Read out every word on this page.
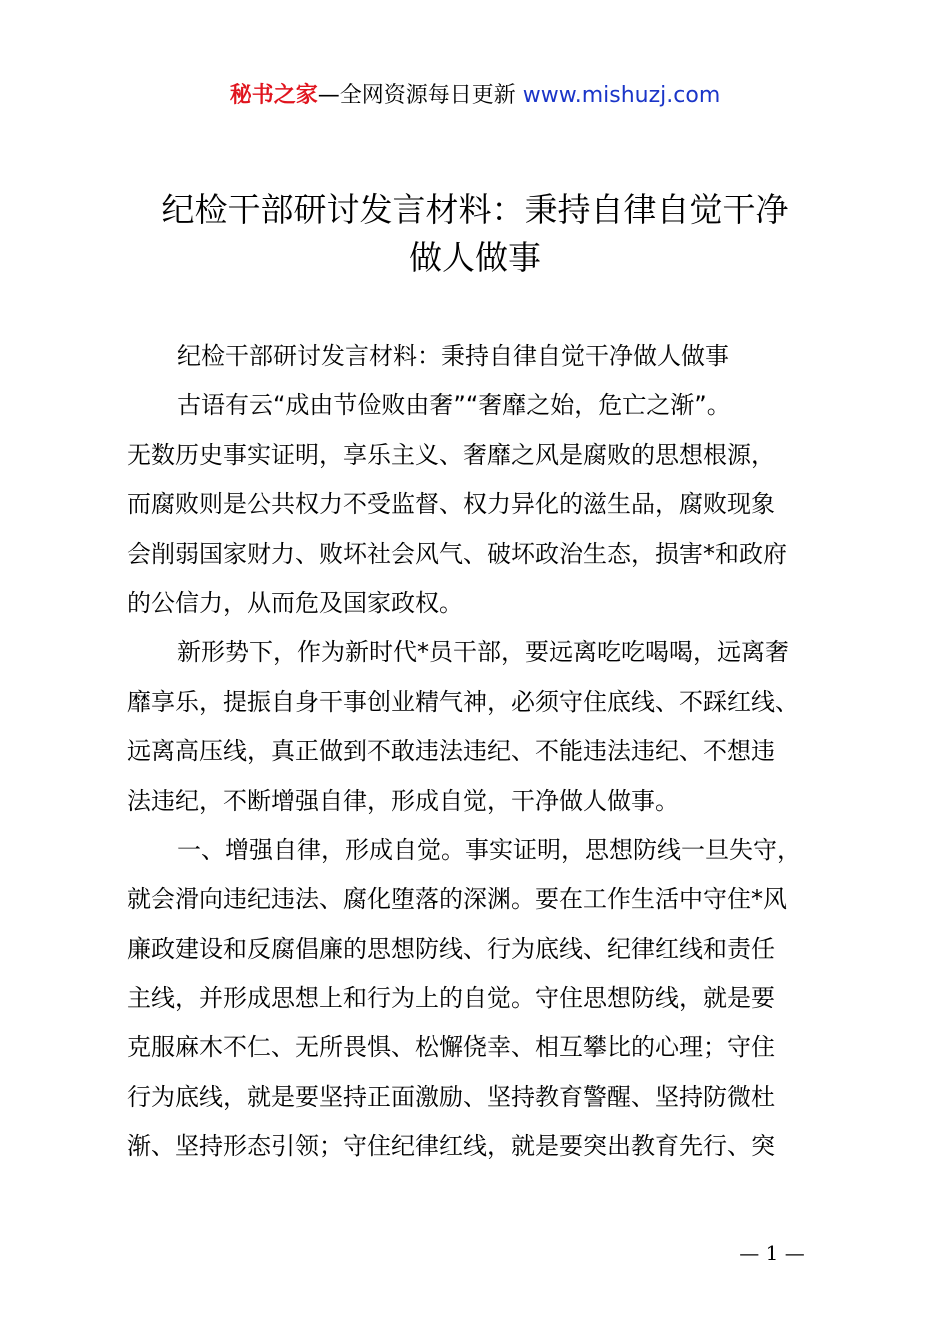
秘书之家—全网资源每日更新 www.mishuzj.com
纪检干部研讨发言材料：秉持自律自觉干净
做人做事
纪检干部研讨发言材料：秉持自律自觉干净做人做事
古语有云“成由节俭败由奢”“奢靡之始，危亡之渐”。
无数历史事实证明，享乐主义、奢靡之风是腐败的思想根源，
而腐败则是公共权力不受监督、权力异化的滋生品，腐败现象
会削弱国家财力、败坏社会风气、破坏政治生态，损害*和政府
的公信力，从而危及国家政权。
新形势下，作为新时代*员干部，要远离吃吃喝喝，远离奢
靡享乐，提振自身干事创业精气神，必须守住底线、不踩红线、
远离高压线，真正做到不敢违法违纪、不能违法违纪、不想违
法违纪，不断增强自律，形成自觉，干净做人做事。
一、增强自律，形成自觉。事实证明，思想防线一旦失守，
就会滑向违纪违法、腐化堕落的深渊。要在工作生活中守住*风
廉政建设和反腐倡廉的思想防线、行为底线、纪律红线和责任
主线，并形成思想上和行为上的自觉。守住思想防线，就是要
克服麻木不仁、无所畏惧、松懈侥幸、相互攀比的心理；守住
行为底线，就是要坚持正面激励、坚持教育警醒、坚持防微杜
渐、坚持形态引领；守住纪律红线，就是要突出教育先行、突
— 1 —
